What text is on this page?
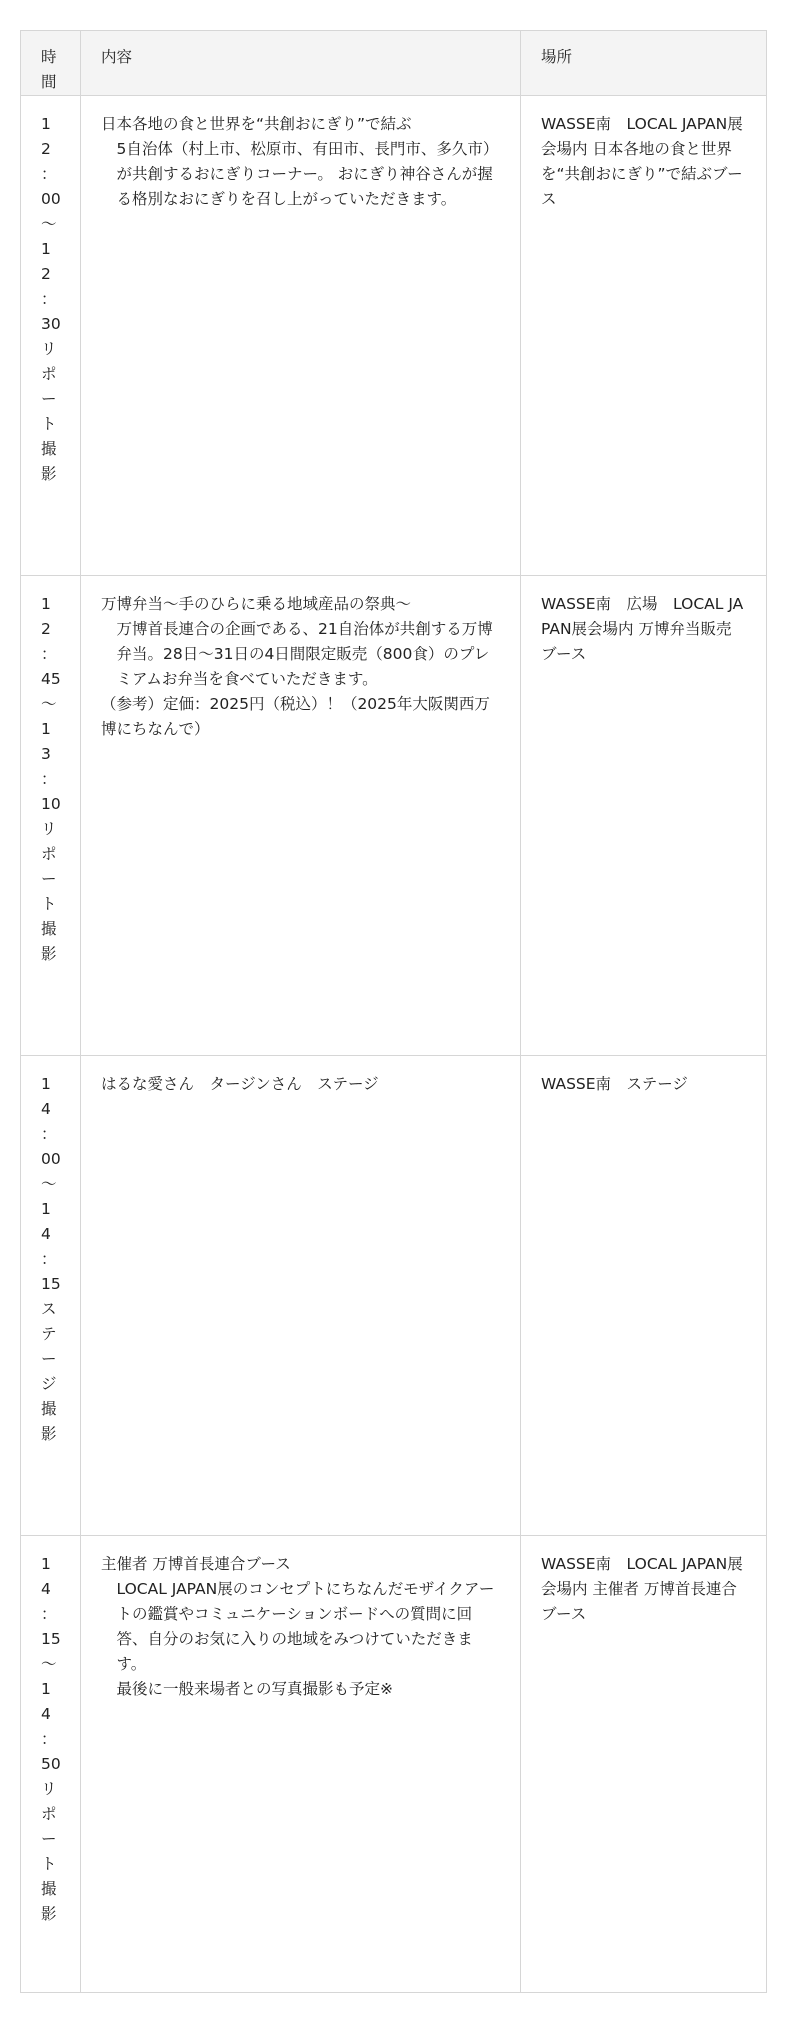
時間	内容	場所
12：00～12：30リポート撮影	日本各地の食と世界を“共創おにぎり”で結ぶ
5自治体（村上市、松原市、有田市、長門市、多久市）が共創するおにぎりコーナー。 おにぎり神谷さんが握る格別なおにぎりを召し上がっていただきます。	WASSE南　LOCAL JAPAN展会場内 日本各地の食と世界を“共創おにぎり”で結ぶブース
12：45～13：10リポート撮影	万博弁当～手のひらに乗る地域産品の祭典～
万博首長連合の企画である、21自治体が共創する万博弁当。28日～31日の4日間限定販売（800食）のプレミアムお弁当を食べていただきます。
（参考）定価：2025円（税込）！（2025年大阪関西万博にちなんで）	WASSE南　広場　LOCAL JAPAN展会場内 万博弁当販売ブース
14：00～14：15ステージ撮影	はるな愛さん　タージンさん　ステージ	WASSE南　ステージ
14：15～14：50リポート撮影	主催者 万博首長連合ブース
LOCAL JAPAN展のコンセプトにちなんだモザイクアートの鑑賞やコミュニケーションボードへの質問に回答、自分のお気に入りの地域をみつけていただきます。
最後に一般来場者との写真撮影も予定※	WASSE南　LOCAL JAPAN展会場内 主催者 万博首長連合ブース
